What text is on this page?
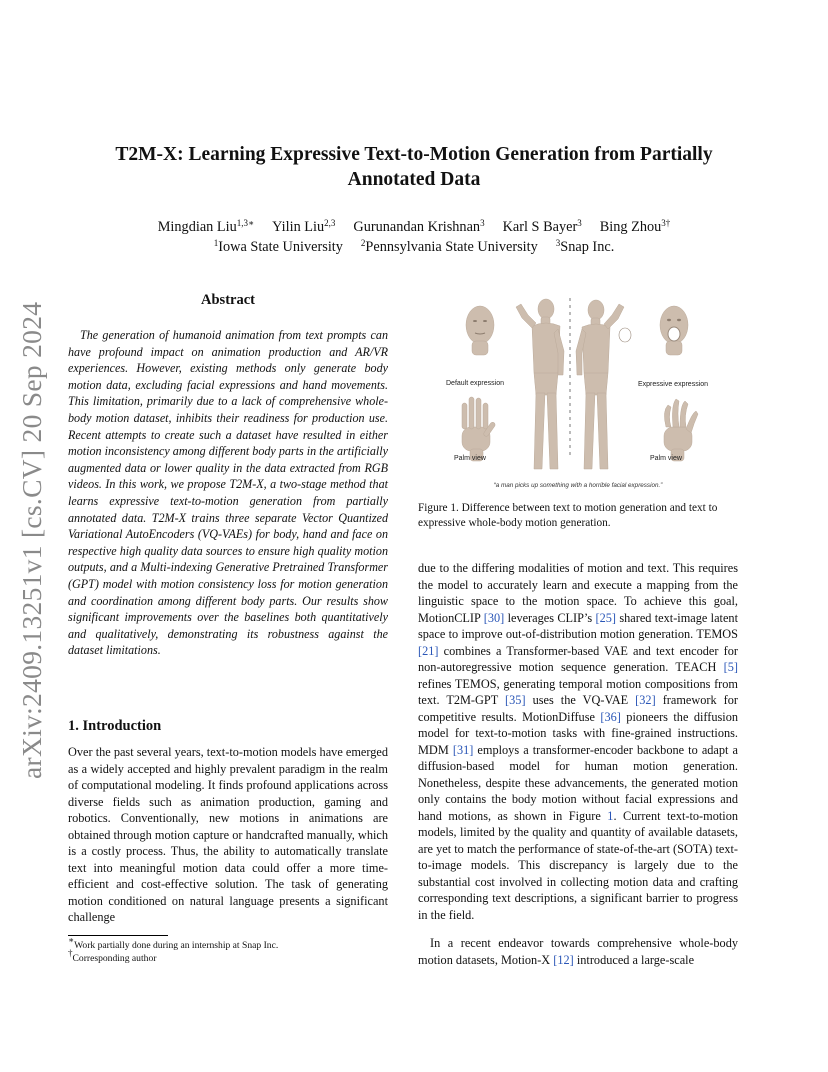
arXiv:2409.13251v1 [cs.CV] 20 Sep 2024
T2M-X: Learning Expressive Text-to-Motion Generation from Partially
Annotated Data
Mingdian Liu$^{1,3∗}$ Yilin Liu$^{2,3}$ Gurunandan Krishnan$^3$ Karl S Bayer$^3$ Bing Zhou$^{3\dagger}$
$^1$Iowa State University $^2$Pennsylvania State University $^3$Snap Inc.
Abstract

The generation of humanoid animation from text prompts can have profound impact on animation production and AR/VR experiences. However, existing methods only generate body motion data, excluding facial expressions and hand movements. This limitation, primarily due to a lack of comprehensive whole-body motion dataset, inhibits their readiness for production use. Recent attempts to create such a dataset have resulted in either motion inconsistency among different body parts in the artificially augmented data or lower quality in the data extracted from RGB videos. In this work, we propose T2M-X, a two-stage method that learns expressive text-to-motion generation from partially annotated data. T2M-X trains three separate Vector Quantized Variational AutoEncoders (VQ-VAEs) for body, hand and face on respective high quality data sources to ensure high quality motion outputs, and a Multi-indexing Generative Pretrained Transformer (GPT) model with motion consistency loss for motion generation and coordination among different body parts. Our results show significant improvements over the baselines both quantitatively and qualitatively, demonstrating its robustness against the dataset limitations.

1. Introduction

Over the past several years, text-to-motion models have emerged as a widely accepted and highly prevalent paradigm in the realm of computational modeling. It finds profound applications across diverse fields such as animation production, gaming and robotics. Conventionally, new motions in animations are obtained through motion capture or handcrafted manually, which is a costly process. Thus, the ability to automatically translate text into meaningful motion data could offer a more time-efficient and cost-effective solution. The task of generating motion conditioned on natural language presents a significant challenge

∗Work partially done during an internship at Snap Inc.

†Corresponding author

Default expression	Expressive expression
Palm view	Palm view
“a man picks up something with a horrible facial expression.”

Figure 1. Difference between text to motion generation and text to expressive whole-body motion generation.

due to the differing modalities of motion and text. This requires the model to accurately learn and execute a mapping from the linguistic space to the motion space. To achieve this goal, MotionCLIP [30] leverages CLIP’s [25] shared text-image latent space to improve out-of-distribution motion generation. TEMOS [21] combines a Transformer-based VAE and text encoder for non-autoregressive motion sequence generation. TEACH [5] refines TEMOS, generating temporal motion compositions from text. T2M-GPT [35] uses the VQ-VAE [32] framework for competitive results. MotionDiffuse [36] pioneers the diffusion model for text-to-motion tasks with fine-grained instructions. MDM [31] employs a transformer-encoder backbone to adapt a diffusion-based model for human motion generation. Nonetheless, despite these advancements, the generated motion only contains the body motion without facial expressions and hand motions, as shown in Figure 1. Current text-to-motion models, limited by the quality and quantity of available datasets, are yet to match the performance of state-of-the-art (SOTA) text-to-image models. This discrepancy is largely due to the substantial cost involved in collecting motion data and crafting corresponding text descriptions, a significant barrier to progress in the field.

In a recent endeavor towards comprehensive whole-body motion datasets, Motion-X [12] introduced a large-scale
